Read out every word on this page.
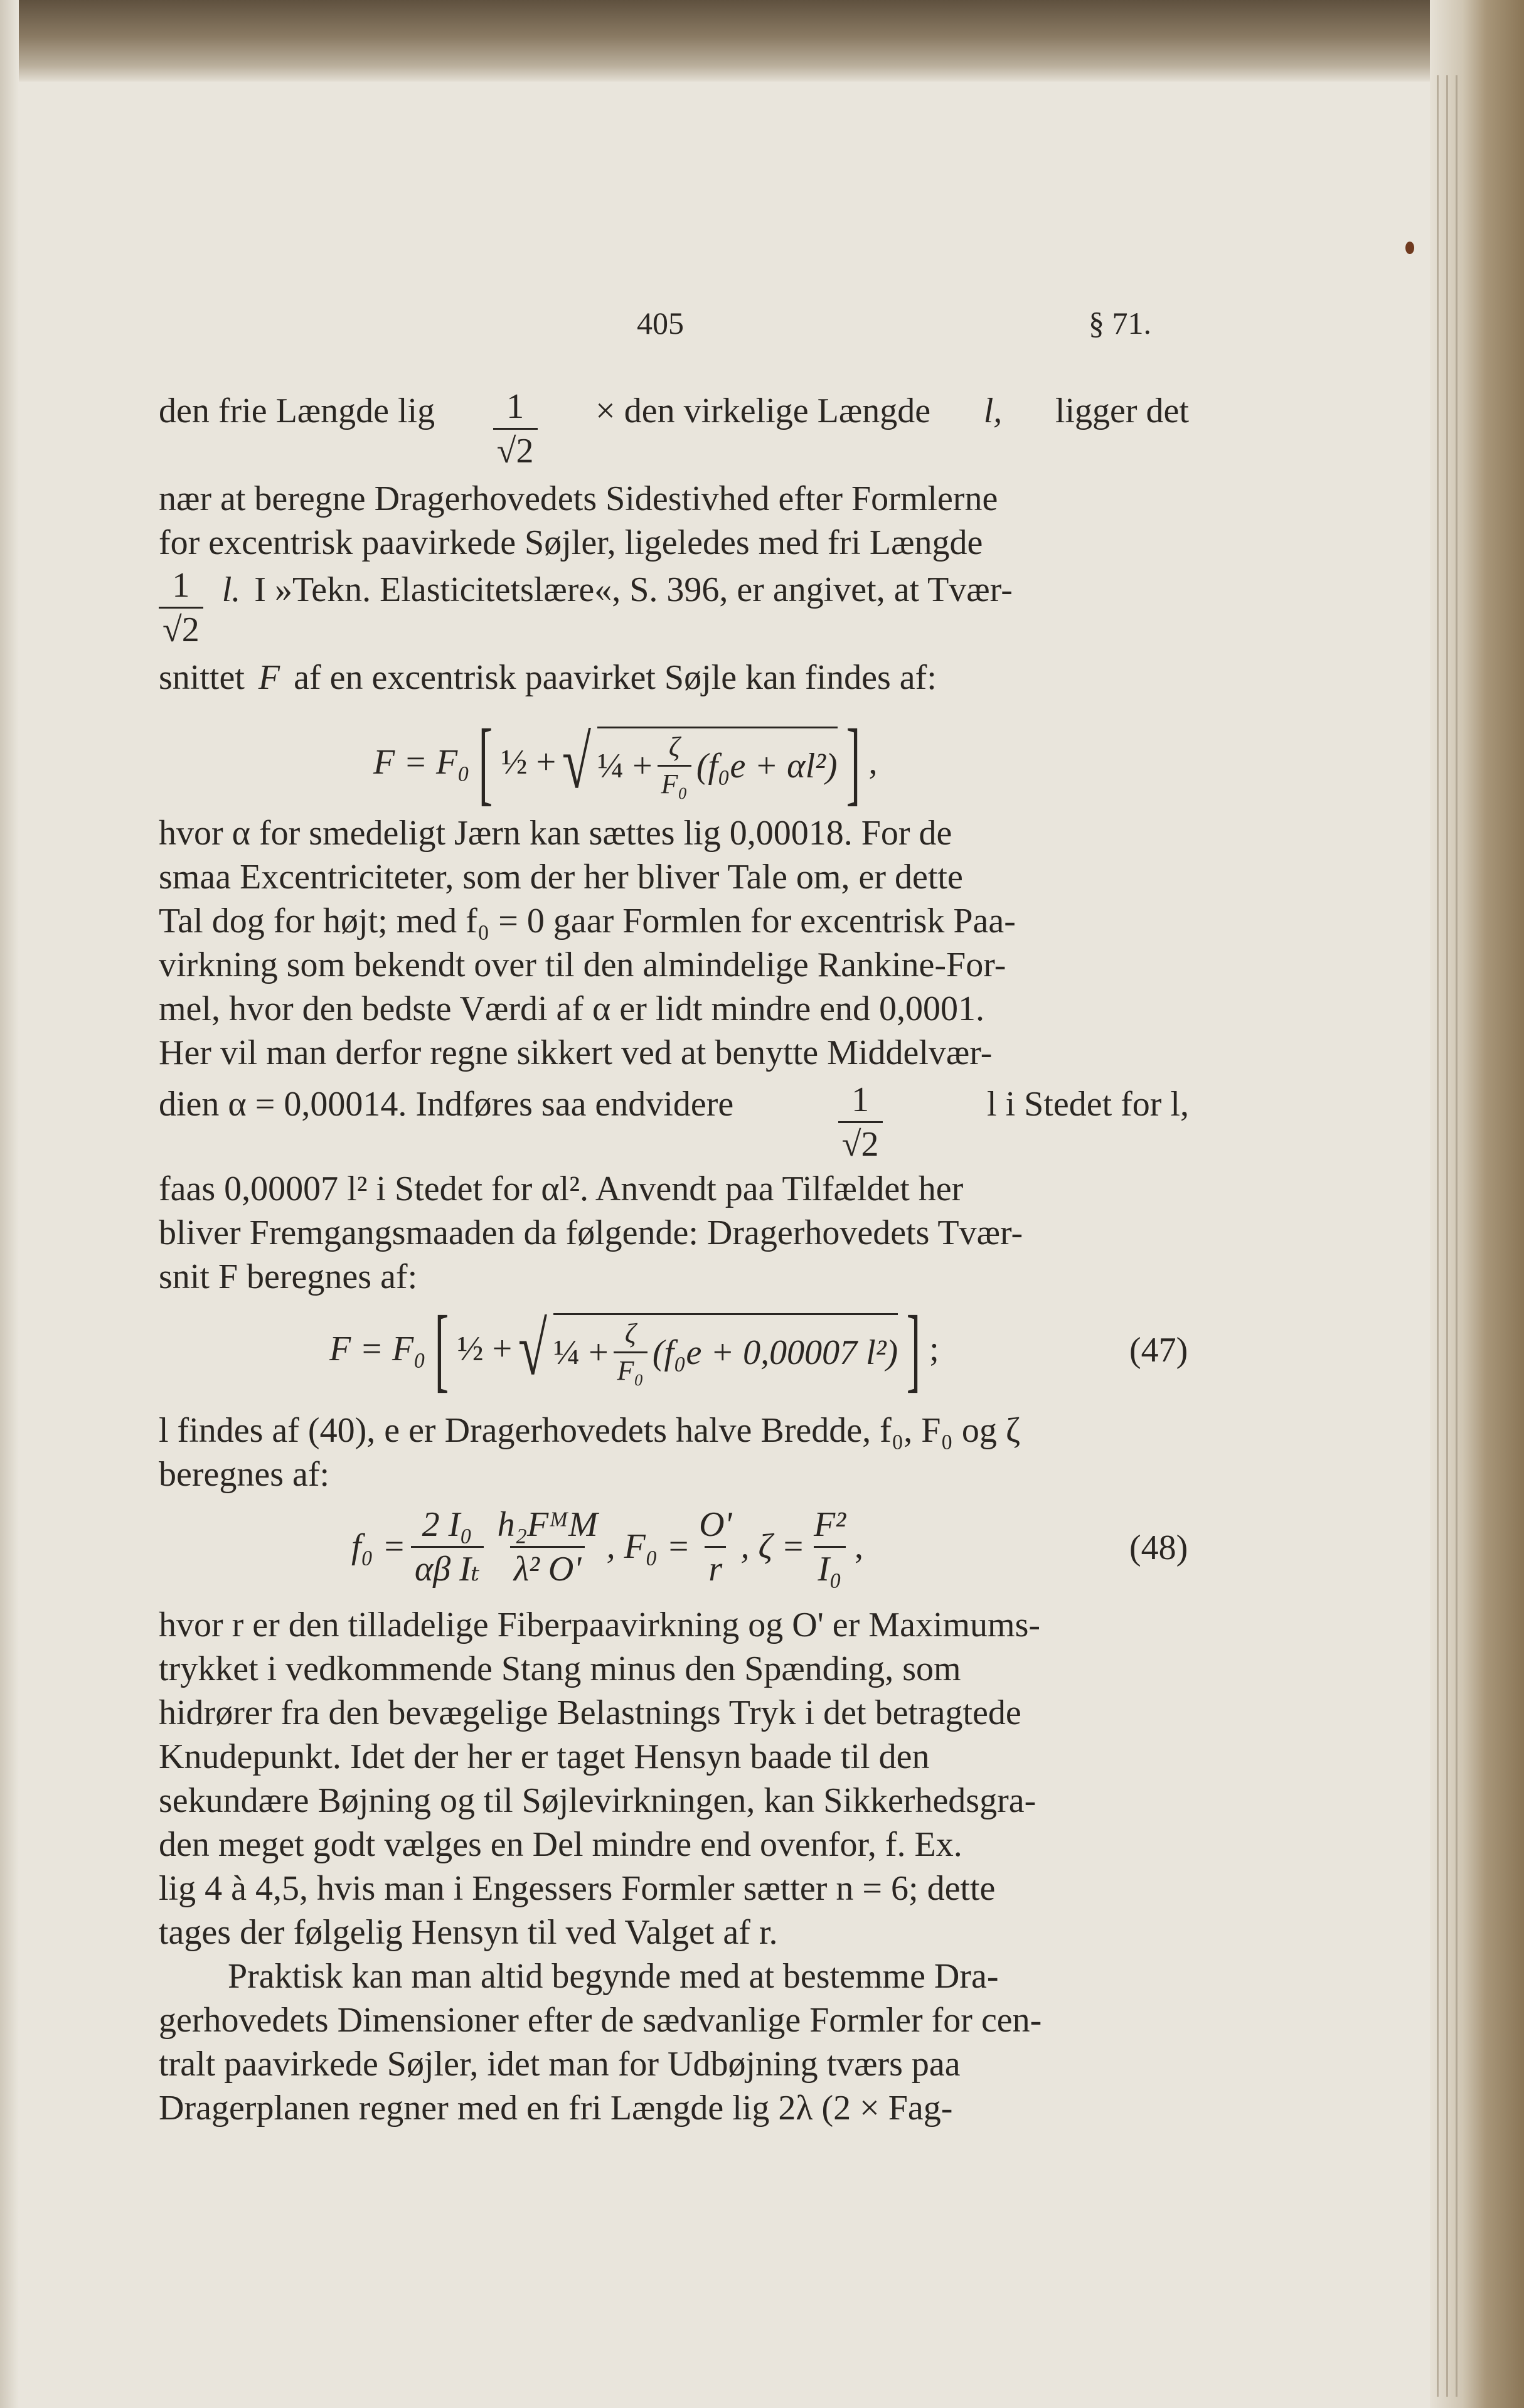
405	§ 71.
den frie Længde lig $\frac{1}{√2}$ × den virkelige Længde l, ligger det
nær at beregne Dragerhovedets Sidestivhed efter Formlerne
for excentrisk paavirkede Søjler, ligeledes med fri Længde
$\frac{1}{√2} l$. I »Tekn. Elasticitetslære«, S. 396, er angivet, at Tvær-
snittet F af en excentrisk paavirket Søjle kan findes af:
F = F₀ [ ½ + √ ¼ + $\frac{\zeta}{\text{F₀}} (f_0e + \alpha l^2)$ ] ,
hvor α for smedeligt Jærn kan sættes lig 0,00018. For de
smaa Excentriciteter, som der her bliver Tale om, er dette
Tal dog for højt; med f₀ = 0 gaar Formlen for excentrisk Paa-
virkning som bekendt over til den almindelige Rankine-For-
mel, hvor den bedste Værdi af α er lidt mindre end 0,0001.
Her vil man derfor regne sikkert ved at benytte Middelvær-
dien α = 0,00014. Indføres saa endvidere	$\frac{1}{√2}$	l i Stedet for l,
faas 0,00007 l² i Stedet for αl². Anvendt paa Tilfældet her
bliver Fremgangsmaaden da følgende: Dragerhovedets Tvær-
snit F beregnes af:
F = F₀ [ ½ + √ ¼ + $\frac{\zeta}{\text{F₀}} (f_0e + 0,00007$ l²) ] ;	(47)
l findes af (40), e er Dragerhovedets halve Bredde, f₀, F₀ og ζ
beregnes af:
$f_0 = \frac{\text{2 I₀}}{\text{αβ Iₜ}} \frac{\text{h₂FᴹM}}{\text{λ² O'}}$ , $F_0 = \frac{O'}{r}$ , $\zeta = \frac{\text{F²}}{\text{I₀}}$ ,	(48)
hvor r er den tilladelige Fiberpaavirkning og O' er Maximums-
trykket i vedkommende Stang minus den Spænding, som
hidrører fra den bevægelige Belastnings Tryk i det betragtede
Knudepunkt. Idet der her er taget Hensyn baade til den
sekundære Bøjning og til Søjlevirkningen, kan Sikkerhedsgra-
den meget godt vælges en Del mindre end ovenfor, f. Ex.
lig 4 à 4,5, hvis man i Engessers Formler sætter n = 6; dette
tages der følgelig Hensyn til ved Valget af r.
Praktisk kan man altid begynde med at bestemme Dra-
gerhovedets Dimensioner efter de sædvanlige Formler for cen-
tralt paavirkede Søjler, idet man for Udbøjning tværs paa
Dragerplanen regner med en fri Længde lig 2λ (2 × Fag-
